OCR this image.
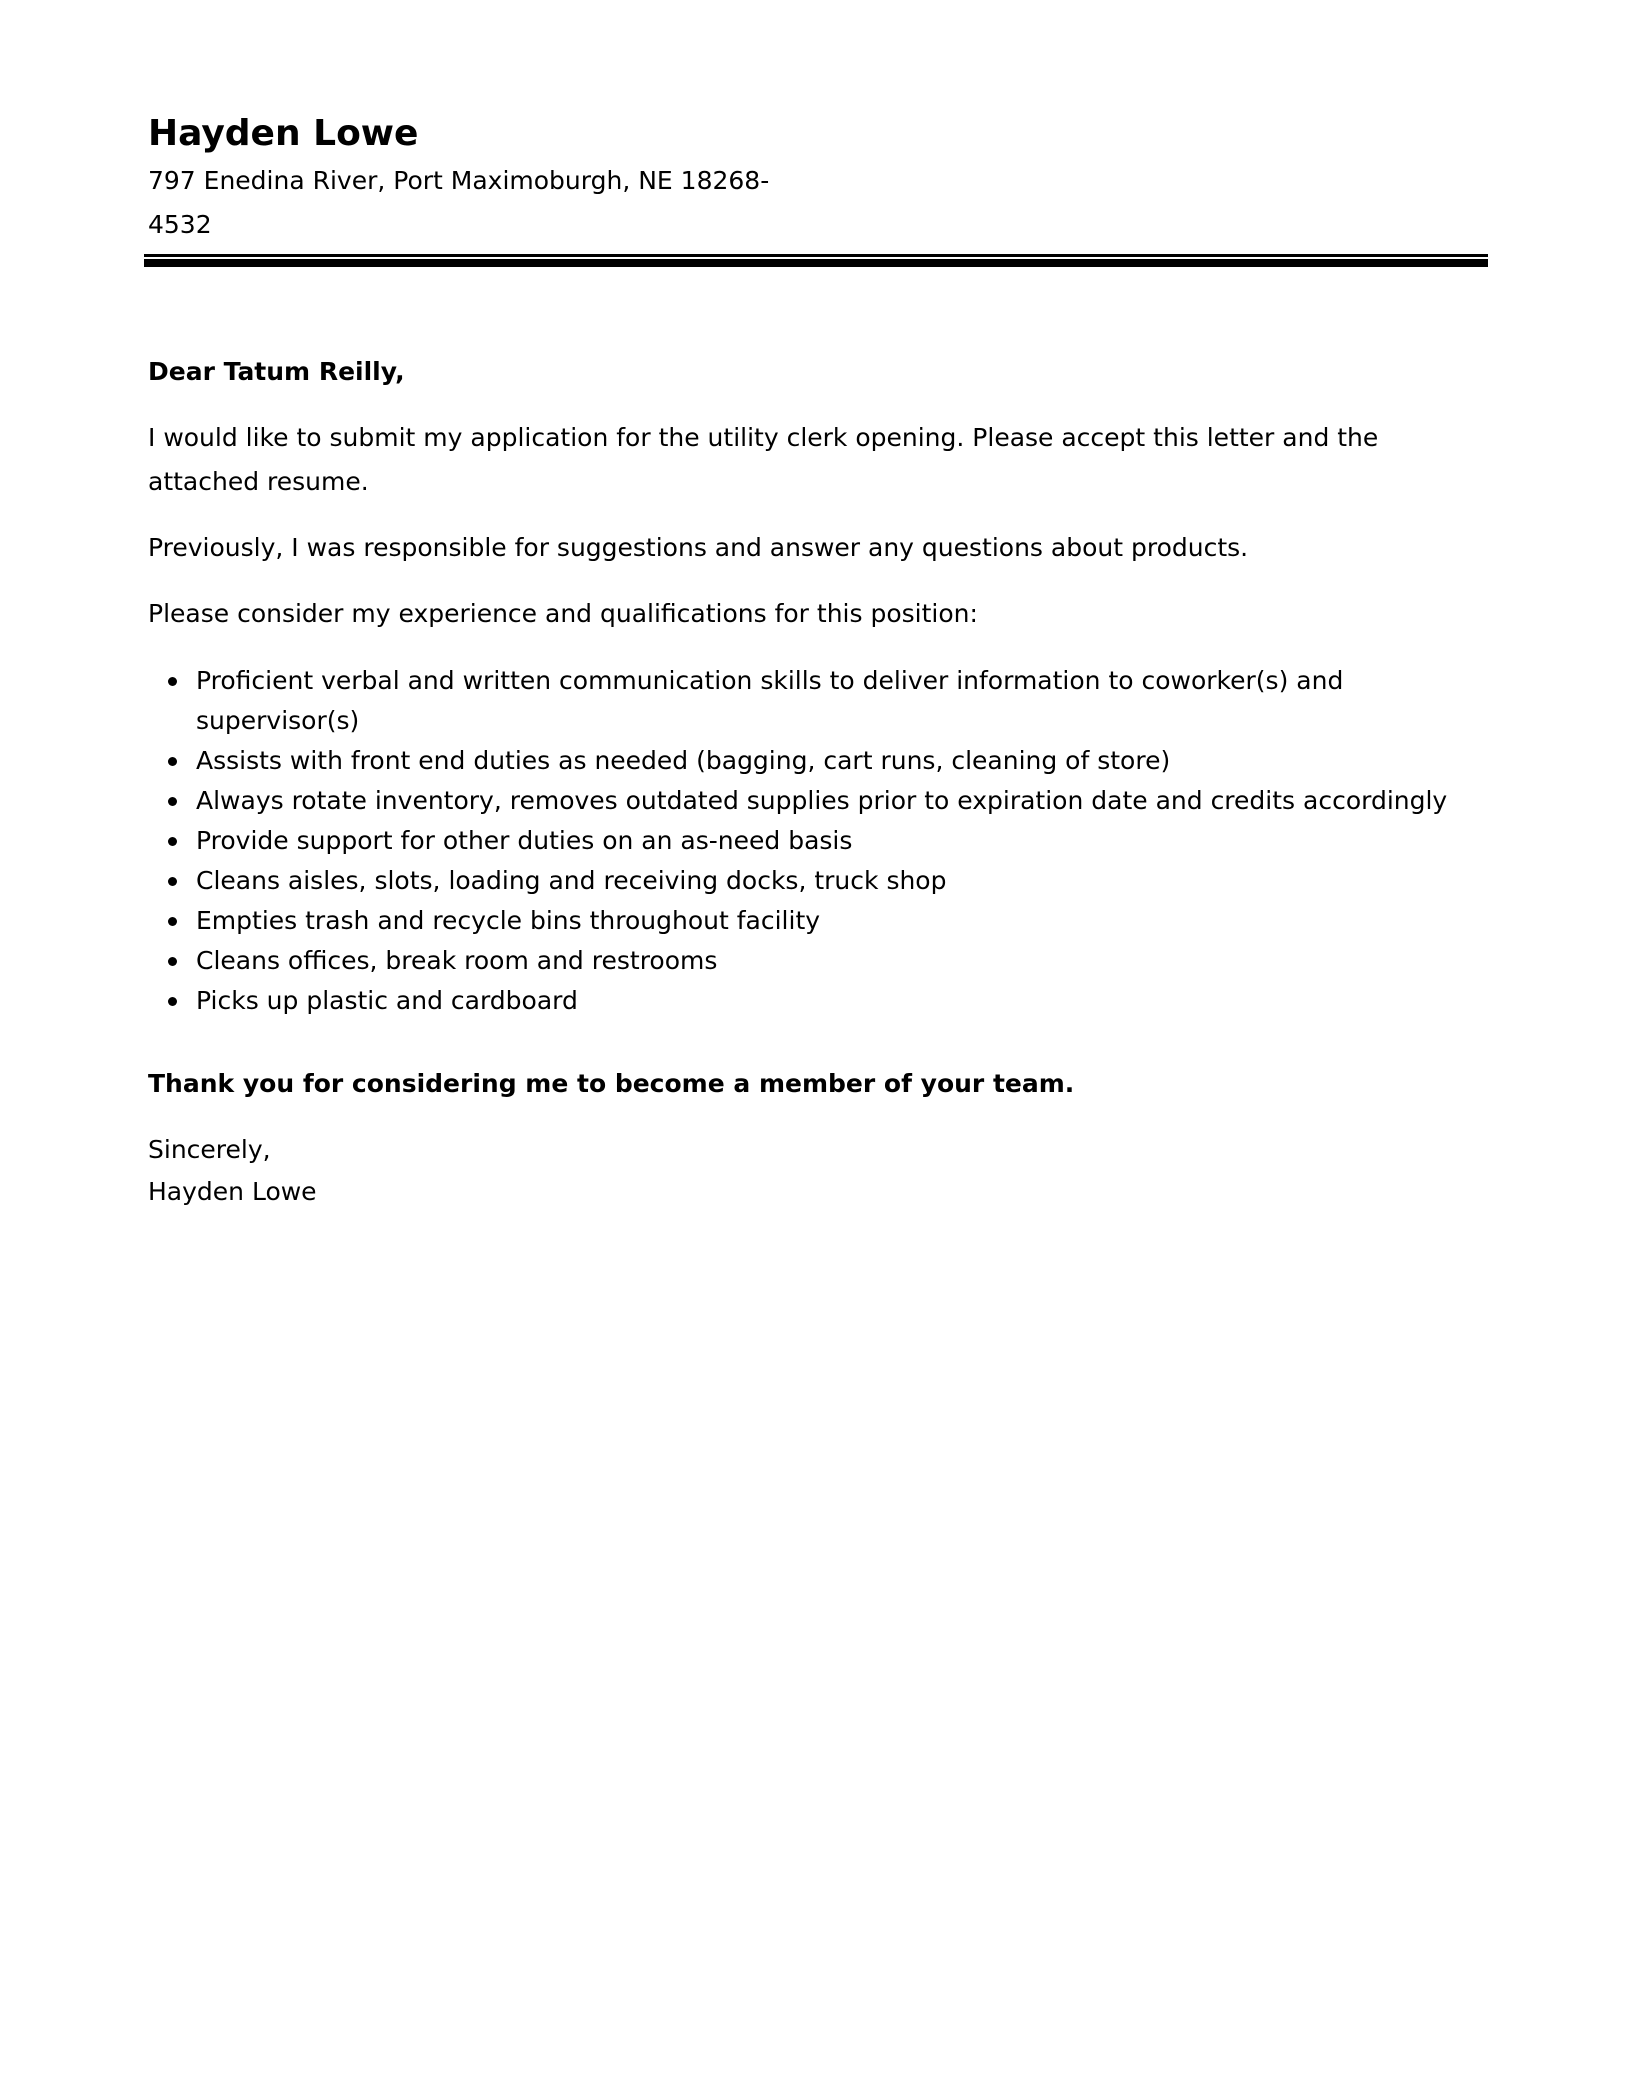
Hayden Lowe
797 Enedina River, Port Maximoburgh, NE 18268-4532
Dear Tatum Reilly,
I would like to submit my application for the utility clerk opening. Please accept this letter and the attached resume.
Previously, I was responsible for suggestions and answer any questions about products.
Please consider my experience and qualifications for this position:
Proficient verbal and written communication skills to deliver information to coworker(s) and supervisor(s)
Assists with front end duties as needed (bagging, cart runs, cleaning of store)
Always rotate inventory, removes outdated supplies prior to expiration date and credits accordingly
Provide support for other duties on an as-need basis
Cleans aisles, slots, loading and receiving docks, truck shop
Empties trash and recycle bins throughout facility
Cleans offices, break room and restrooms
Picks up plastic and cardboard
Thank you for considering me to become a member of your team.
Sincerely,
Hayden Lowe
